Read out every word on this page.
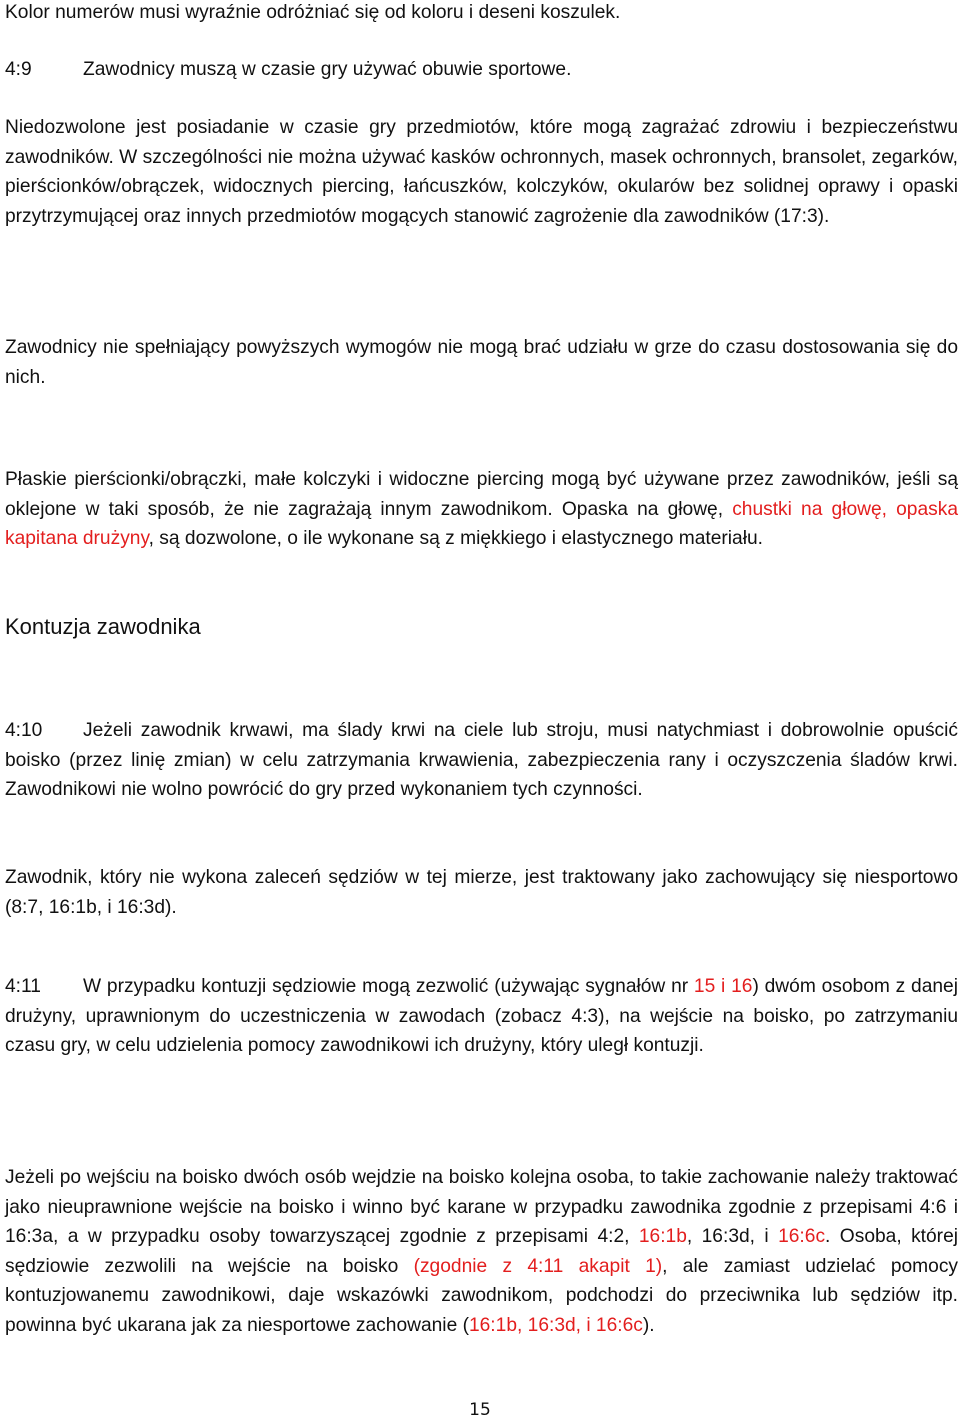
Kolor numerów musi wyraźnie odróżniać się od koloru i deseni koszulek.

4:9	Zawodnicy muszą w czasie gry używać obuwie sportowe.

Niedozwolone jest posiadanie w czasie gry przedmiotów, które mogą zagrażać zdrowiu i bezpieczeństwu zawodników. W szczególności nie można używać kasków ochronnych, masek ochronnych, bransolet, zegarków, pierścionków/obrączek, widocznych piercing, łańcuszków, kolczyków, okularów bez solidnej oprawy i opaski przytrzymującej oraz innych przedmiotów mogących stanowić zagrożenie dla zawodników (17:3).

Zawodnicy nie spełniający powyższych wymogów nie mogą brać udziału w grze do czasu dostosowania się do nich.

Płaskie pierścionki/obrączki, małe kolczyki i widoczne piercing mogą być używane przez zawodników, jeśli są oklejone w taki sposób, że nie zagrażają innym zawodnikom. Opaska na głowę, chustki na głowę, opaska kapitana drużyny, są dozwolone, o ile wykonane są z miękkiego i elastycznego materiału.

Kontuzja zawodnika

4:10 Jeżeli zawodnik krwawi, ma ślady krwi na ciele lub stroju, musi natychmiast i dobrowolnie opuścić boisko (przez linię zmian) w celu zatrzymania krwawienia, zabezpieczenia rany i oczyszczenia śladów krwi. Zawodnikowi nie wolno powrócić do gry przed wykonaniem tych czynności.

Zawodnik, który nie wykona zaleceń sędziów w tej mierze, jest traktowany jako zachowujący się niesportowo (8:7, 16:1b, i 16:3d).

4:11 W przypadku kontuzji sędziowie mogą zezwolić (używając sygnałów nr 15 i 16) dwóm osobom z danej drużyny, uprawnionym do uczestniczenia w zawodach (zobacz 4:3), na wejście na boisko, po zatrzymaniu czasu gry, w celu udzielenia pomocy zawodnikowi ich drużyny, który uległ kontuzji.

Jeżeli po wejściu na boisko dwóch osób wejdzie na boisko kolejna osoba, to takie zachowanie należy traktować jako nieuprawnione wejście na boisko i winno być karane w przypadku zawodnika zgodnie z przepisami 4:6 i 16:3a, a w przypadku osoby towarzyszącej zgodnie z przepisami 4:2, 16:1b, 16:3d, i 16:6c. Osoba, której sędziowie zezwolili na wejście na boisko (zgodnie z 4:11 akapit 1), ale zamiast udzielać pomocy kontuzjowanemu zawodnikowi, daje wskazówki zawodnikom, podchodzi do przeciwnika lub sędziów itp. powinna być ukarana jak za niesportowe zachowanie (16:1b, 16:3d, i 16:6c).

15
